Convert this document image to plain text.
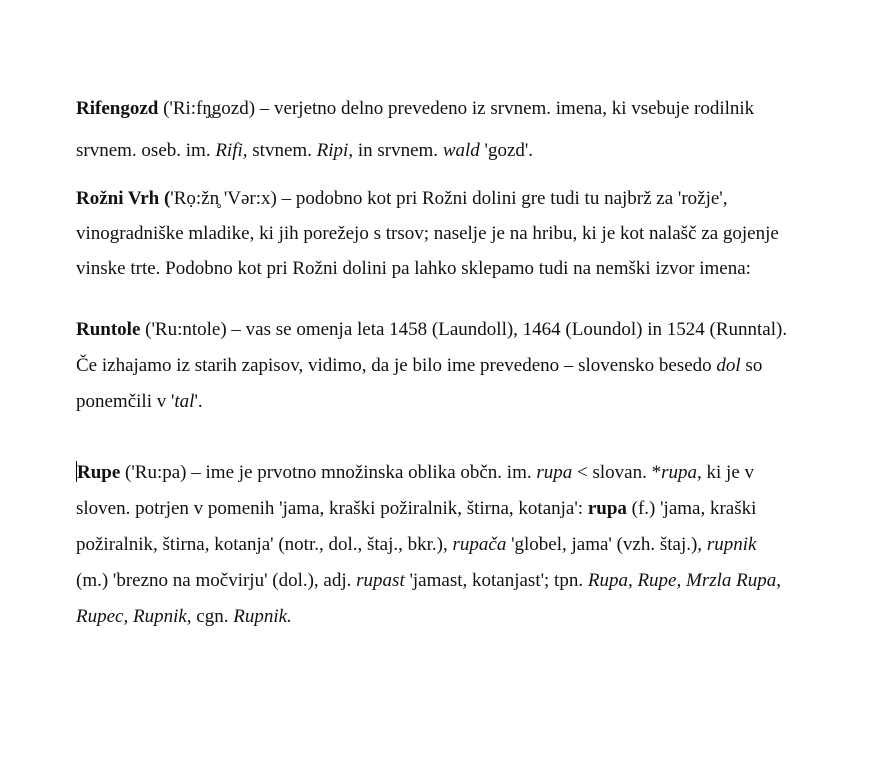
Rifengozd ('Ri:fŋ̥gozd) – verjetno delno prevedeno iz srvnem. imena, ki vsebuje rodilnik
srvnem. oseb. im. Rifi, stvnem. Ripi, in srvnem. wald 'gozd'.

Rožni Vrh ('Rọ:žn̥ 'Vər:x) – podobno kot pri Rožni dolini gre tudi tu najbrž za 'rožje',
vinogradniške mladike, ki jih porežejo s trsov; naselje je na hribu, ki je kot nalašč za gojenje
vinske trte. Podobno kot pri Rožni dolini pa lahko sklepamo tudi na nemški izvor imena:

Runtole ('Ru:ntole) – vas se omenja leta 1458 (Laundoll), 1464 (Loundol) in 1524 (Runntal).
Če izhajamo iz starih zapisov, vidimo, da je bilo ime prevedeno – slovensko besedo dol so
ponemčili v 'tal'.

Rupe ('Ru:pa) – ime je prvotno množinska oblika občn. im. rupa < slovan. *rupa, ki je v
sloven. potrjen v pomenih 'jama, kraški požiralnik, štirna, kotanja': rupa (f.) 'jama, kraški
požiralnik, štirna, kotanja' (notr., dol., štaj., bkr.), rupača 'globel, jama' (vzh. štaj.), rupnik
(m.) 'brezno na močvirju' (dol.), adj. rupast 'jamast, kotanjast'; tpn. Rupa, Rupe, Mrzla Rupa,
Rupec, Rupnik, cgn. Rupnik.
